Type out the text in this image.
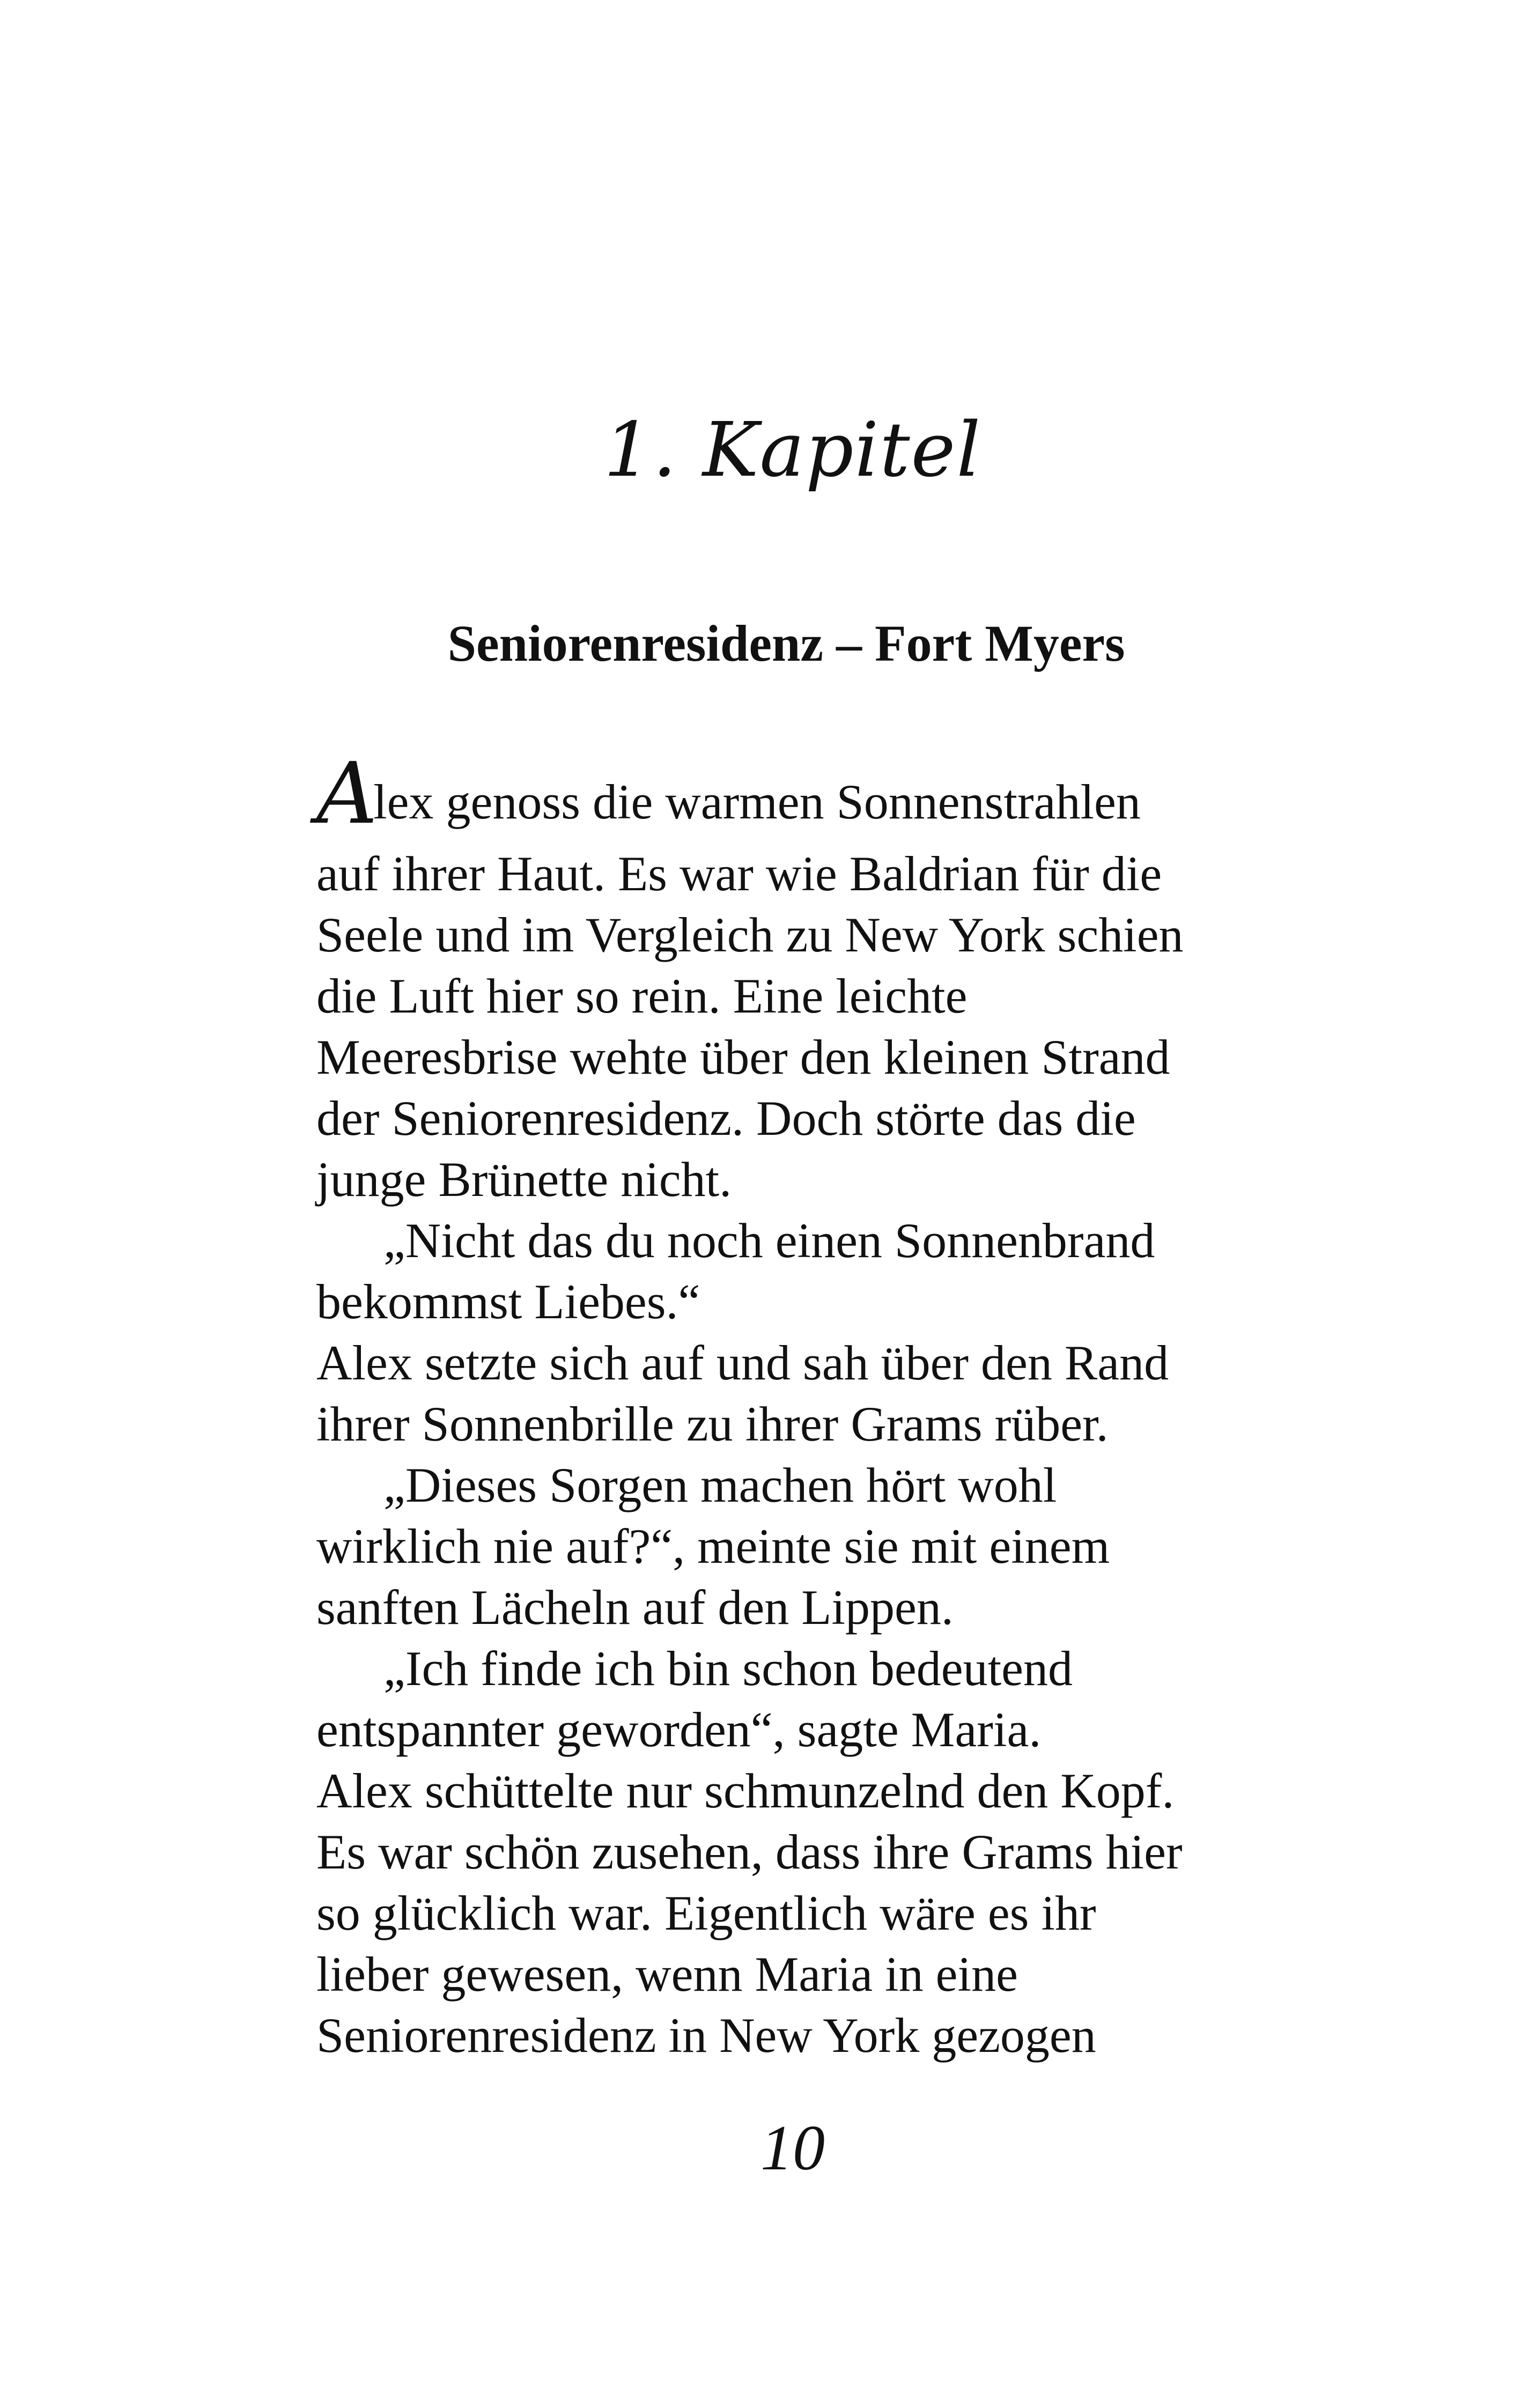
1. Kapitel
Seniorenresidenz – Fort Myers
Alex genoss die warmen Sonnenstrahlen
auf ihrer Haut. Es war wie Baldrian für die
Seele und im Vergleich zu New York schien
die Luft hier so rein. Eine leichte
Meeresbrise wehte über den kleinen Strand
der Seniorenresidenz. Doch störte das die
junge Brünette nicht.
„Nicht das du noch einen Sonnenbrand
bekommst Liebes.“
Alex setzte sich auf und sah über den Rand
ihrer Sonnenbrille zu ihrer Grams rüber.
„Dieses Sorgen machen hört wohl
wirklich nie auf?“, meinte sie mit einem
sanften Lächeln auf den Lippen.
„Ich finde ich bin schon bedeutend
entspannter geworden“, sagte Maria.
Alex schüttelte nur schmunzelnd den Kopf.
Es war schön zusehen, dass ihre Grams hier
so glücklich war. Eigentlich wäre es ihr
lieber gewesen, wenn Maria in eine
Seniorenresidenz in New York gezogen
10
